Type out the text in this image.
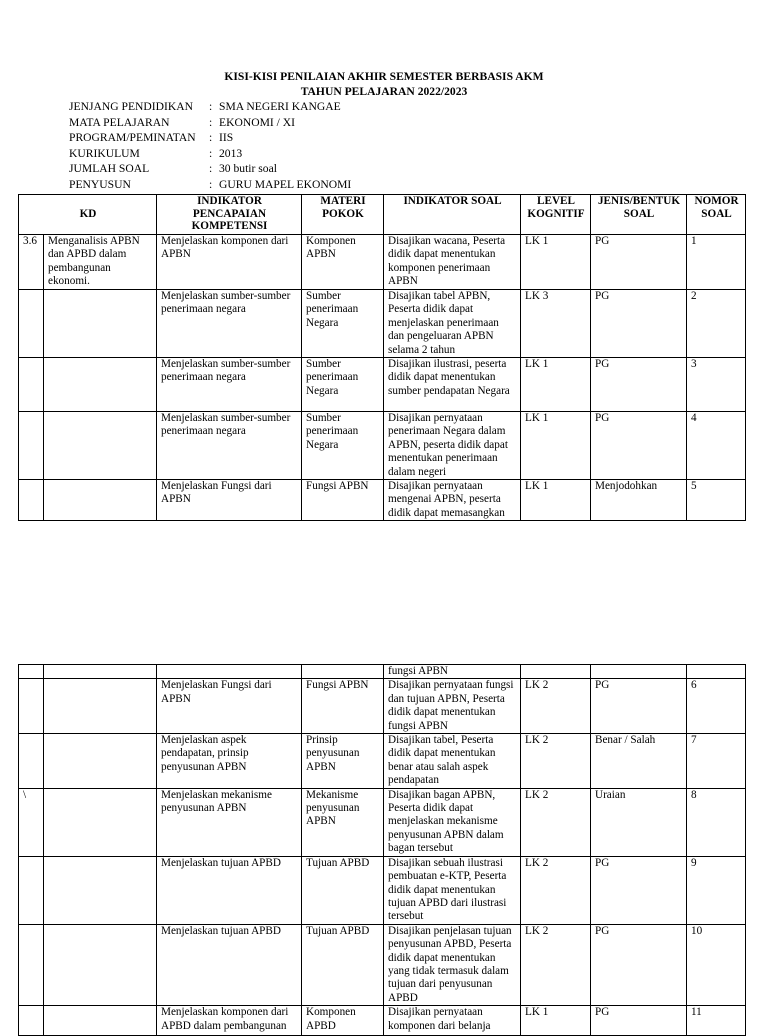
KISI-KISI PENILAIAN AKHIR SEMESTER BERBASIS AKM
TAHUN PELAJARAN 2022/2023
JENJANG PENDIDIKAN	:	SMA NEGERI KANGAE
MATA PELAJARAN	:	EKONOMI / XI
PROGRAM/PEMINATAN	:	IIS
KURIKULUM	:	2013
JUMLAH SOAL	:	30 butir soal
PENYUSUN	:	GURU MAPEL EKONOMI
KD		INDIKATOR PENCAPAIAN KOMPETENSI	MATERI POKOK	INDIKATOR SOAL	LEVEL KOGNITIF	JENIS/BENTUK SOAL	NOMOR SOAL
3.6	Menganalisis APBN dan APBD dalam pembangunan ekonomi.	Menjelaskan komponen dari APBN	Komponen APBN	Disajikan wacana, Peserta didik dapat menentukan komponen penerimaan APBN	LK 1	PG	1
		Menjelaskan sumber-sumber penerimaan negara	Sumber penerimaan Negara	Disajikan tabel APBN, Peserta didik dapat menjelaskan penerimaan dan pengeluaran APBN selama 2 tahun	LK 3	PG	2
		Menjelaskan sumber-sumber penerimaan negara	Sumber penerimaan Negara	Disajikan ilustrasi, peserta didik dapat menentukan sumber pendapatan Negara	LK 1	PG	3
		Menjelaskan sumber-sumber penerimaan negara	Sumber penerimaan Negara	Disajikan pernyataan penerimaan Negara dalam APBN, peserta didik dapat menentukan penerimaan dalam negeri	LK 1	PG	4
		Menjelaskan Fungsi dari APBN	Fungsi APBN	Disajikan pernyataan mengenai APBN, peserta didik dapat memasangkan	LK 1	Menjodohkan	5
				fungsi APBN			
		Menjelaskan Fungsi dari APBN	Fungsi APBN	Disajikan pernyataan fungsi dan tujuan APBN, Peserta didik dapat menentukan fungsi APBN	LK 2	PG	6
		Menjelaskan aspek pendapatan, prinsip penyusunan APBN	Prinsip penyusunan APBN	Disajikan tabel, Peserta didik dapat menentukan benar atau salah aspek pendapatan	LK 2	Benar / Salah	7
\		Menjelaskan mekanisme penyusunan APBN	Mekanisme penyusunan APBN	Disajikan bagan APBN, Peserta didik dapat menjelaskan mekanisme penyusunan APBN dalam bagan tersebut	LK 2	Uraian	8
		Menjelaskan tujuan APBD	Tujuan APBD	Disajikan sebuah ilustrasi pembuatan e-KTP, Peserta didik dapat menentukan tujuan APBD dari ilustrasi tersebut	LK 2	PG	9
		Menjelaskan tujuan APBD	Tujuan APBD	Disajikan penjelasan tujuan penyusunan APBD, Peserta didik dapat menentukan yang tidak termasuk dalam tujuan dari penyusunan APBD	LK 2	PG	10
		Menjelaskan komponen dari APBD dalam pembangunan	Komponen APBD	Disajikan pernyataan komponen dari belanja	LK 1	PG	11
